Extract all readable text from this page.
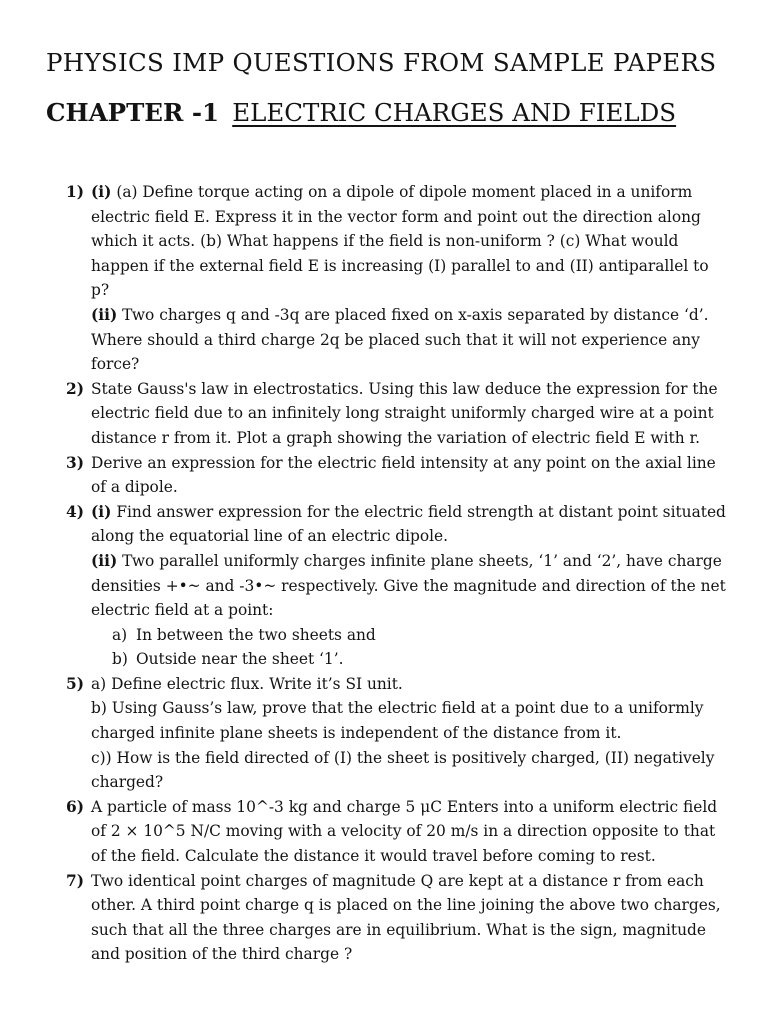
PHYSICS IMP QUESTIONS FROM SAMPLE PAPERS
CHAPTER -1 ELECTRIC CHARGES AND FIELDS
1) (i) (a) Define torque acting on a dipole of dipole moment placed in a uniform electric field E. Express it in the vector form and point out the direction along which it acts. (b) What happens if the field is non-uniform ? (c) What would happen if the external field E is increasing (I) parallel to and (II) antiparallel to p?

(ii) Two charges q and -3q are placed fixed on x-axis separated by distance ‘d’. Where should a third charge 2q be placed such that it will not experience any force?

2) State Gauss's law in electrostatics. Using this law deduce the expression for the electric field due to an infinitely long straight uniformly charged wire at a point distance r from it. Plot a graph showing the variation of electric field E with r.
3) Derive an expression for the electric field intensity at any point on the axial line of a dipole.
4) (i) Find answer expression for the electric field strength at distant point situated along the equatorial line of an electric dipole.

(ii) Two parallel uniformly charges infinite plane sheets, ‘1’ and ‘2’, have charge densities +•~ and -3•~ respectively. Give the magnitude and direction of the net electric field at a point:

a) In between the two sheets and
b) Outside near the sheet ‘1’.
5) a) Define electric flux. Write it’s SI unit.

b) Using Gauss’s law, prove that the electric field at a point due to a uniformly charged infinite plane sheets is independent of the distance from it.

c)) How is the field directed of (I) the sheet is positively charged, (II) negatively charged?

6) A particle of mass 10^-3 kg and charge 5 μC Enters into a uniform electric field of 2 × 10^5 N/C moving with a velocity of 20 m/s in a direction opposite to that of the field. Calculate the distance it would travel before coming to rest.
7) Two identical point charges of magnitude Q are kept at a distance r from each other. A third point charge q is placed on the line joining the above two charges, such that all the three charges are in equilibrium. What is the sign, magnitude and position of the third charge ?
